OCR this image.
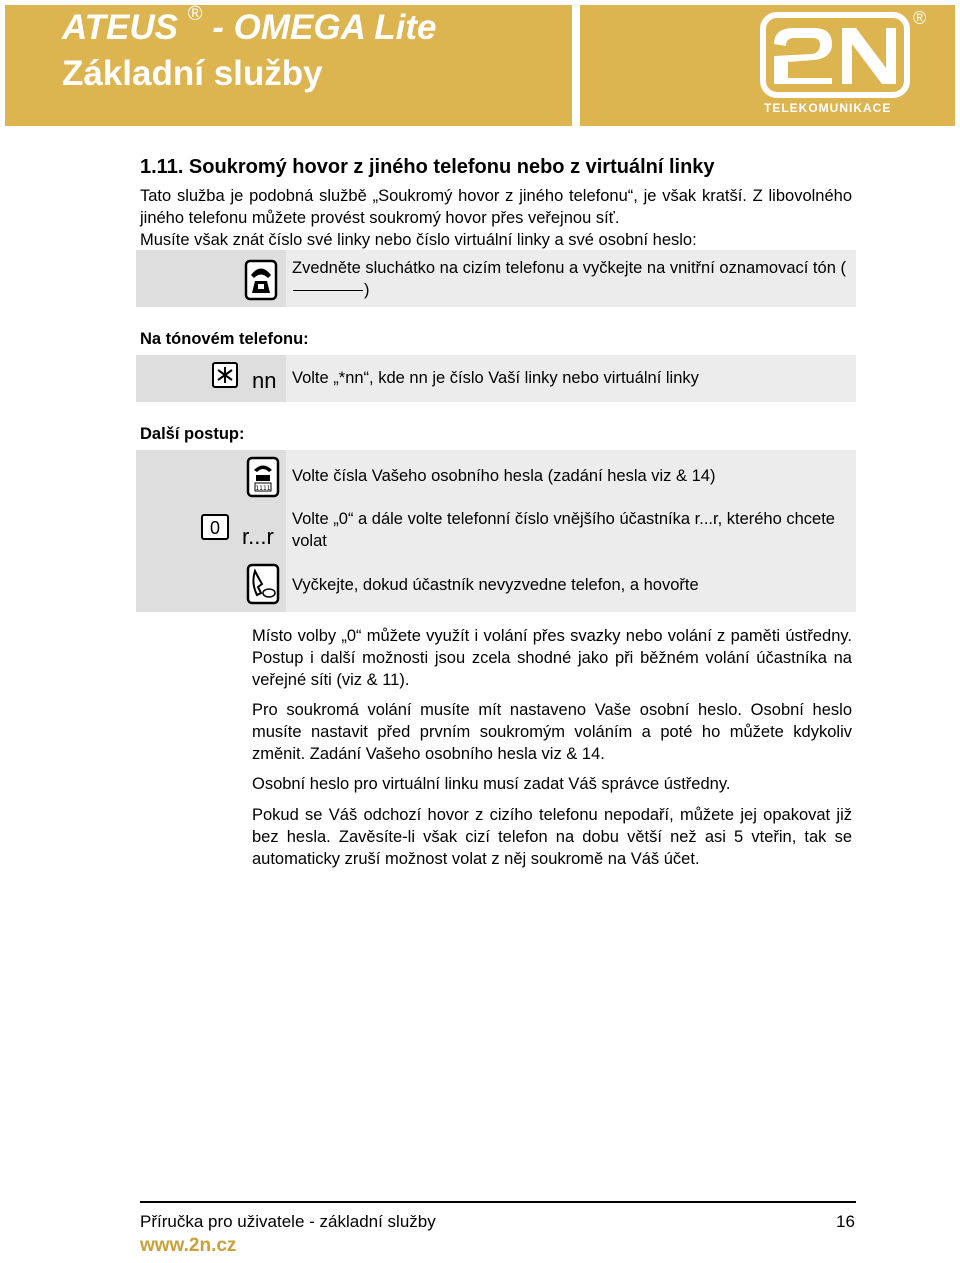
ATEUS ® - OMEGA Lite
Základní služby
®
TELEKOMUNIKACE
1.11. Soukromý hovor z jiného telefonu nebo z virtuální linky
Tato služba je podobná službě „Soukromý hovor z jiného telefonu“, je však kratší. Z libovolného jiného telefonu můžete provést soukromý hovor přes veřejnou síť.
Musíte však znát číslo své linky nebo číslo virtuální linky a své osobní heslo:
Zvedněte sluchátko na cizím telefonu a vyčkejte na vnitřní oznamovací tón ()
Na tónovém telefonu:
nn Volte „*nn“, kde nn je číslo Vaší linky nebo virtuální linky
Další postup:
1111
Volte čísla Vašeho osobního hesla (zadání hesla viz & 14)
0 r...r
Volte „0“ a dále volte telefonní číslo vnějšího účastníka r...r, kterého chcete volat
Vyčkejte, dokud účastník nevyzvedne telefon, a hovořte
Místo volby „0“ můžete využít i volání přes svazky nebo volání z paměti ústředny. Postup i další možnosti jsou zcela shodné jako při běžném volání účastníka na veřejné síti (viz & 11).
Pro soukromá volání musíte mít nastaveno Vaše osobní heslo. Osobní heslo musíte nastavit před prvním soukromým voláním a poté ho můžete kdykoliv změnit. Zadání Vašeho osobního hesla viz & 14.
Osobní heslo pro virtuální linku musí zadat Váš správce ústředny.
Pokud se Váš odchozí hovor z cizího telefonu nepodaří, můžete jej opakovat již bez hesla. Zavěsíte-li však cizí telefon na dobu větší než asi 5 vteřin, tak se automaticky zruší možnost volat z něj soukromě na Váš účet.
Příručka pro uživatele - základní služby	16
www.2n.cz
